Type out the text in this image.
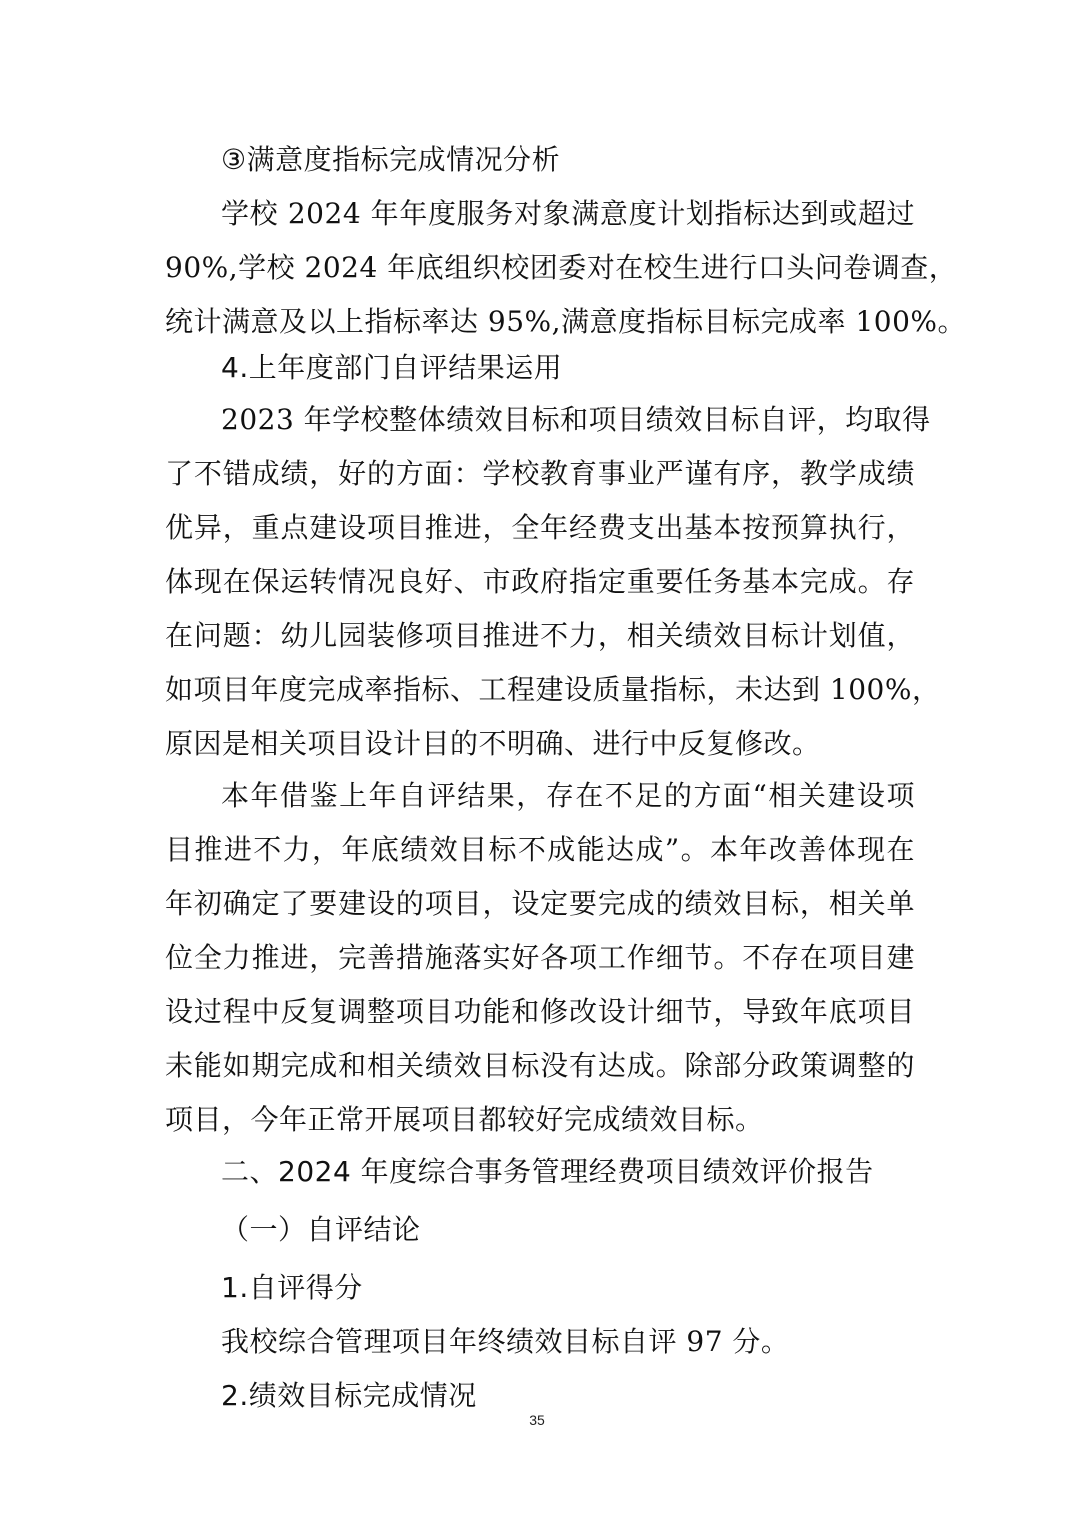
③满意度指标完成情况分析
学校 2024 年年度服务对象满意度计划指标达到或超过
90%,学校 2024 年底组织校团委对在校生进行口头问卷调查，
统计满意及以上指标率达 95%,满意度指标目标完成率 100%。
4.上年度部门自评结果运用
2023 年学校整体绩效目标和项目绩效目标自评，均取得
了不错成绩，好的方面：学校教育事业严谨有序，教学成绩
优异，重点建设项目推进，全年经费支出基本按预算执行，
体现在保运转情况良好、市政府指定重要任务基本完成。存
在问题：幼儿园装修项目推进不力，相关绩效目标计划值，
如项目年度完成率指标、工程建设质量指标，未达到 100%，
原因是相关项目设计目的不明确、进行中反复修改。
本年借鉴上年自评结果，存在不足的方面“相关建设项
目推进不力，年底绩效目标不成能达成”。本年改善体现在
年初确定了要建设的项目，设定要完成的绩效目标，相关单
位全力推进，完善措施落实好各项工作细节。不存在项目建
设过程中反复调整项目功能和修改设计细节，导致年底项目
未能如期完成和相关绩效目标没有达成。除部分政策调整的
项目，今年正常开展项目都较好完成绩效目标。
二、2024 年度综合事务管理经费项目绩效评价报告
（一）自评结论
1.自评得分
我校综合管理项目年终绩效目标自评 97 分。
2.绩效目标完成情况
35
